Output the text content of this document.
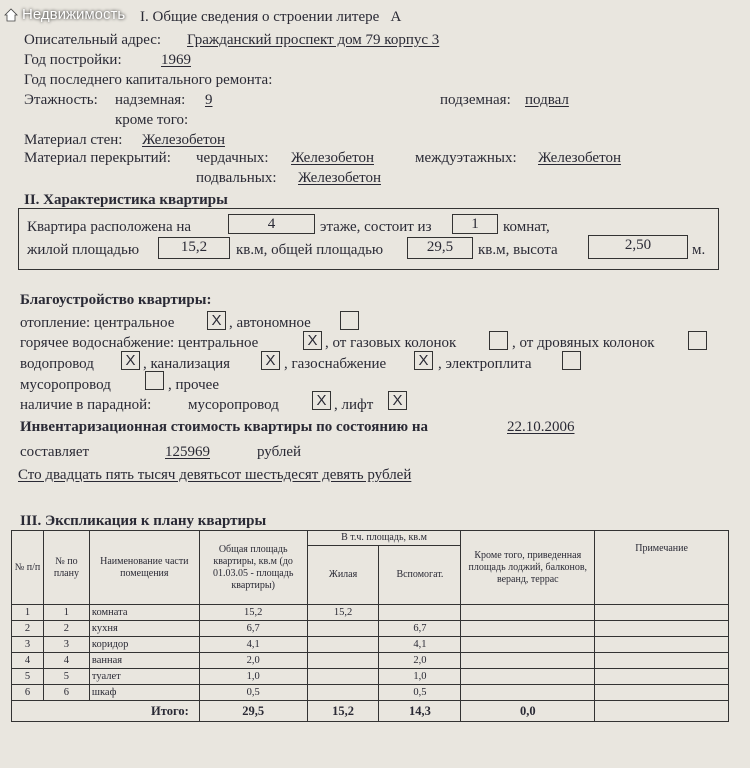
Недвижимость I. Общие сведения о строении литере А
Описательный адрес: Гражданский проспект дом 79 корпус 3
Год постройки:	1969
Год последнего капитального ремонта:
Этажность: надземная: 9	подземная: подвал
кроме того:
Материал стен: Железобетон
Материал перекрытий: чердачных: Железобетон	междуэтажных: Железобетон
подвальных: Железобетон
II. Характеристика квартиры
Квартира расположена на	4	этаже, состоит из	1	комнат,
жилой площадью	15,2	кв.м, общей площадью	29,5	кв.м, высота	2,50	м.
Благоустройство квартиры:
отопление: центральное X , автономное
горячее водоснабжение: центральное	X , от газовых колонок	, от дровяных колонок
водопровод X , канализация X , газоснабжение X , электроплита
мусоропровод	, прочее
наличие в парадной: мусоропровод	X , лифт X
Инвентаризационная стоимость квартиры по состоянию на	22.10.2006
составляет	125969	рублей
Сто двадцать пять тысяч девятьсот шестьдесят девять рублей
III. Экспликация к плану квартиры
№ п/п	№ по плану	Наименование части помещения	Общая площадь квартиры, кв.м (до 01.03.05 - площадь квартиры)	В т.ч. площадь, кв.м		Кроме того, приведенная площадь лоджий, балконов, веранд, террас	Примечание
				Жилая	Вспомогат.		
1	1	комната	15,2	15,2			
2	2	кухня	6,7		6,7		
3	3	коридор	4,1		4,1		
4	4	ванная	2,0		2,0		
5	5	туалет	1,0		1,0		
6	6	шкаф	0,5		0,5		
Итого:			29,5	15,2	14,3	0,0	
